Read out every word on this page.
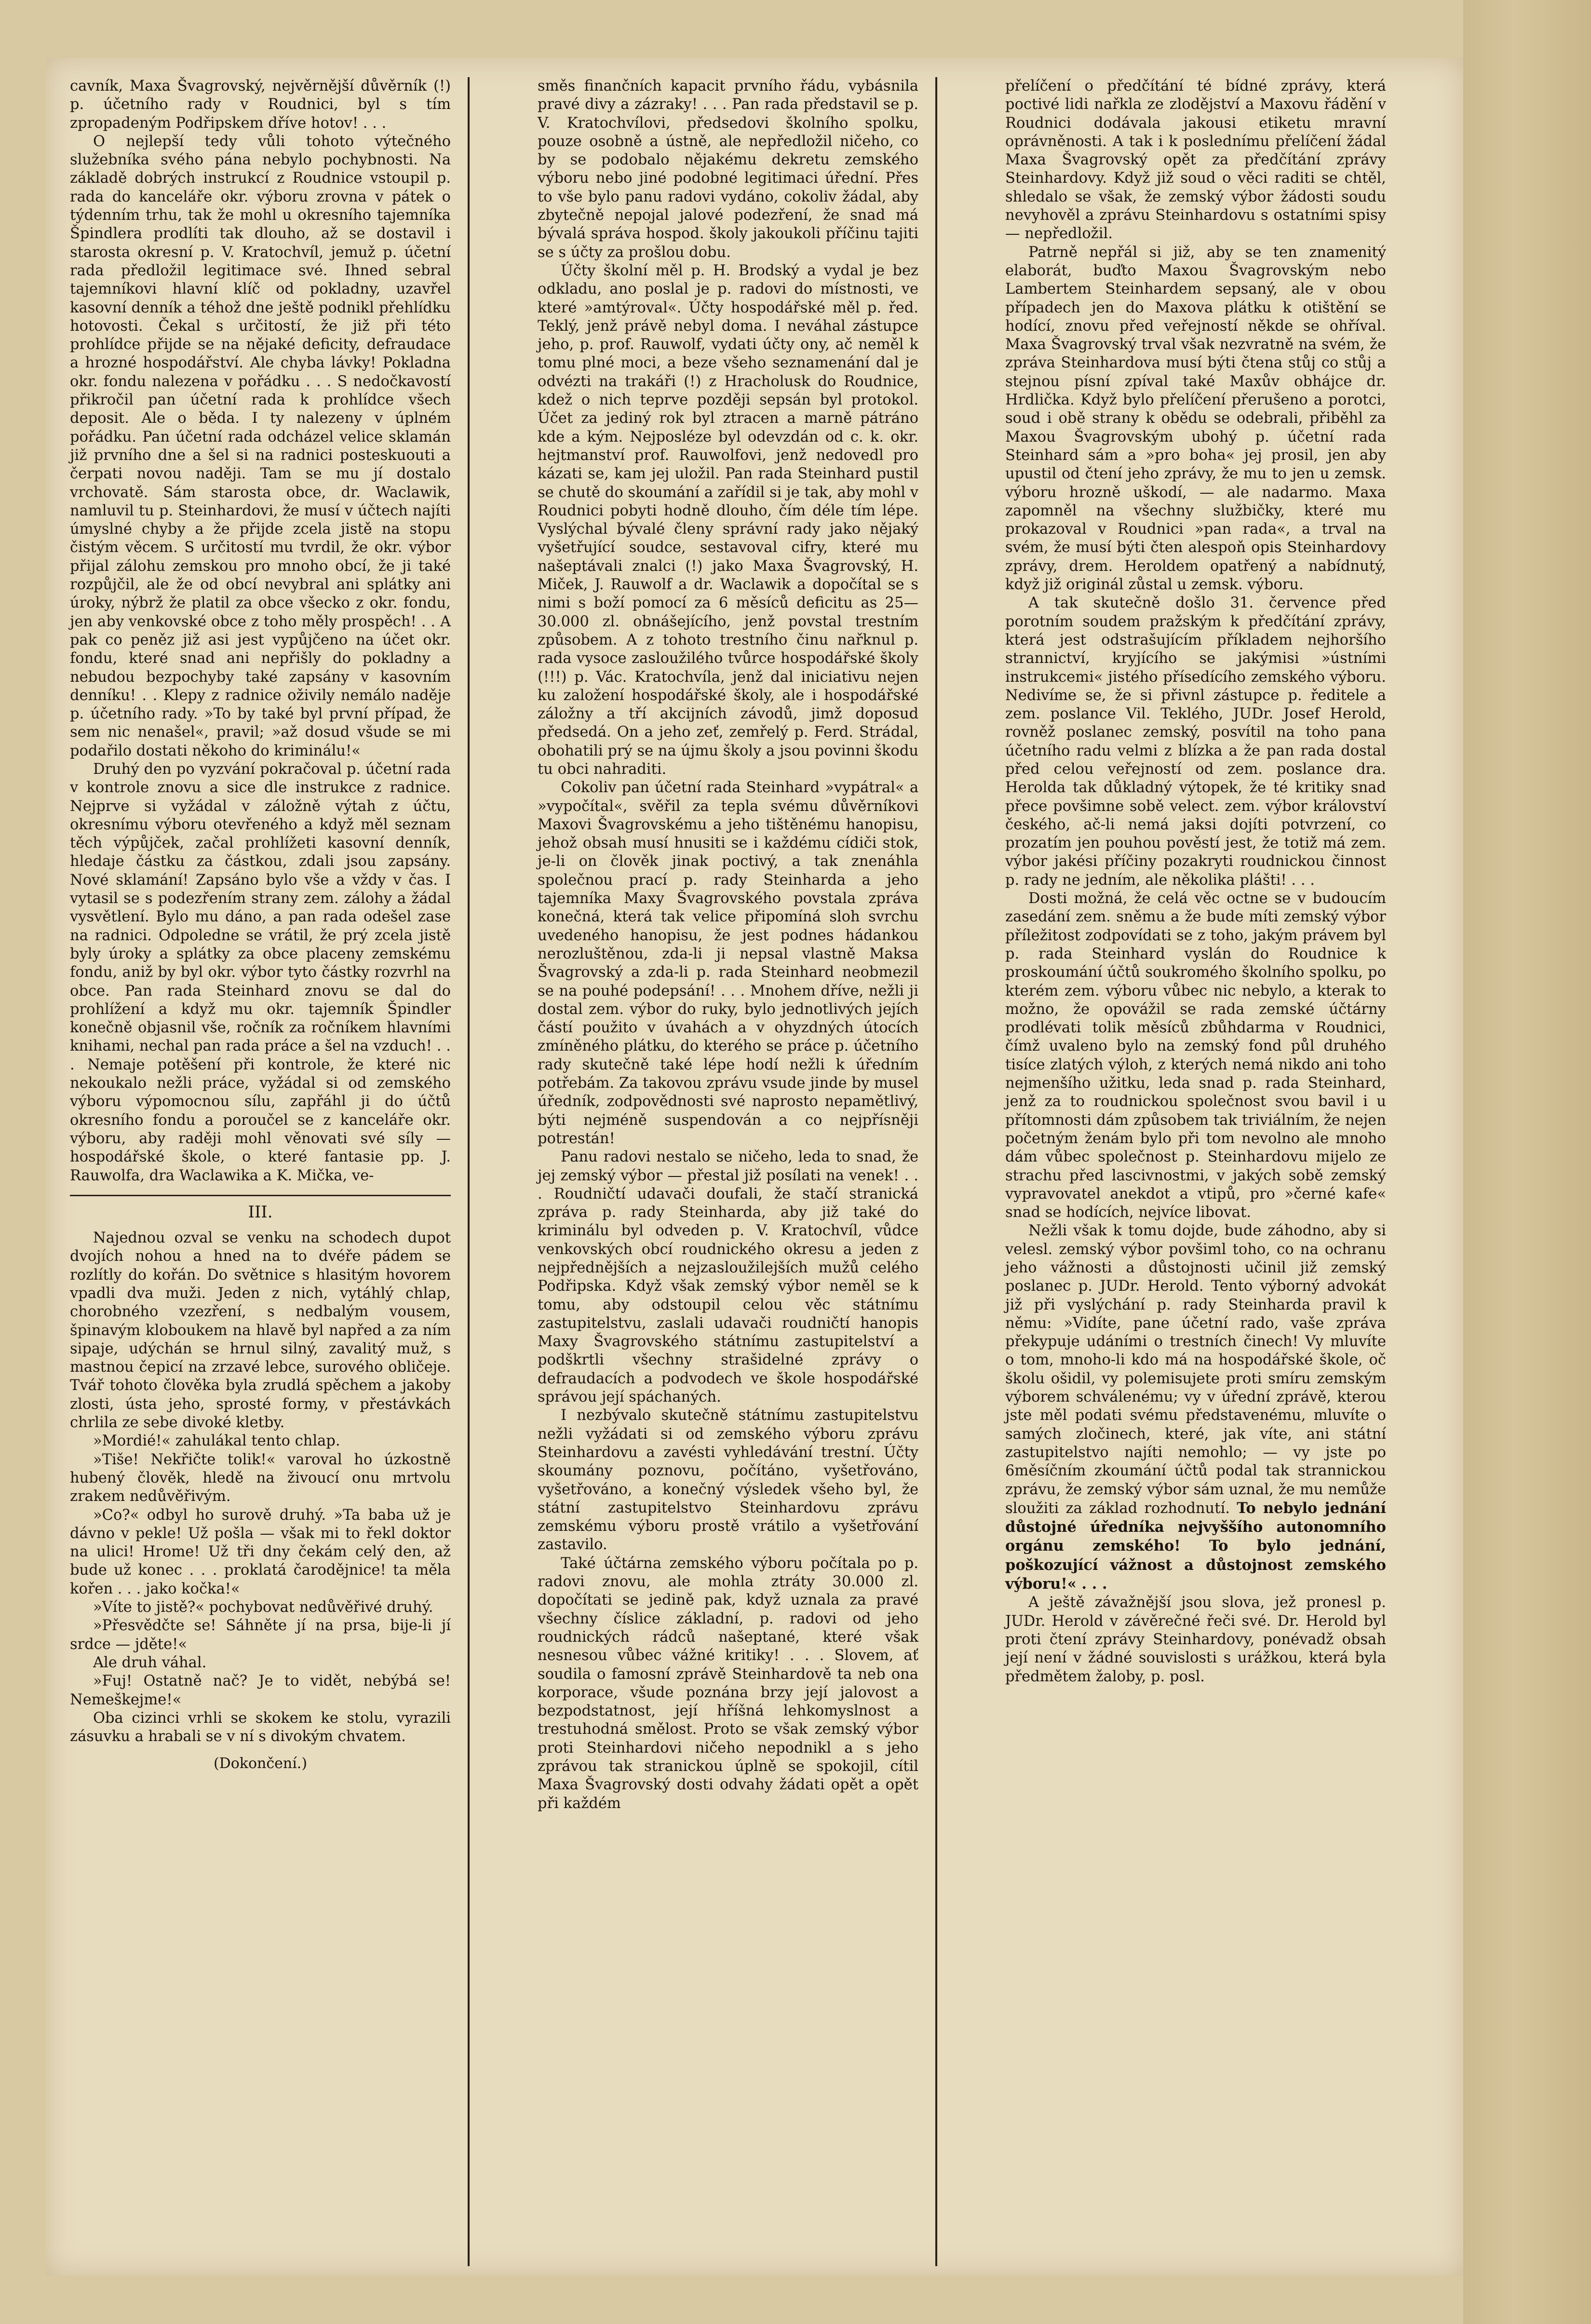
cavník, Maxa Švagrovský, nejvěrnější důvěrník (!) p. účetního rady v Roudnici, byl s tím zpropadeným Podřipskem dříve hotov! . . .

O nejlepší tedy vůli tohoto výtečného služebníka svého pána nebylo pochybnosti. Na základě dobrých instrukcí z Roudnice vstoupil p. rada do kanceláře okr. výboru zrovna v pátek o týdenním trhu, tak že mohl u okresního tajemníka Špindlera prodlíti tak dlouho, až se dostavil i starosta okresní p. V. Kratochvíl, jemuž p. účetní rada předložil legitimace své. Ihned sebral tajemníkovi hlavní klíč od pokladny, uzavřel kasovní denník a téhož dne ještě podnikl přehlídku hotovosti. Čekal s určitostí, že již při této prohlídce přijde se na nějaké deficity, defraudace a hrozné hospodářství. Ale chyba lávky! Pokladna okr. fondu nalezena v pořádku . . . S nedočkavostí přikročil pan účetní rada k prohlídce všech deposit. Ale o běda. I ty nalezeny v úplném pořádku. Pan účetní rada odcházel velice sklamán již prvního dne a šel si na radnici posteskuouti a čerpati novou naději. Tam se mu jí dostalo vrchovatě. Sám starosta obce, dr. Waclawik, namluvil tu p. Steinhardovi, že musí v účtech najíti úmyslné chyby a že přijde zcela jistě na stopu čistým věcem. S určitostí mu tvrdil, že okr. výbor přijal zálohu zemskou pro mnoho obcí, že ji také rozpůjčil, ale že od obcí nevybral ani splátky ani úroky, nýbrž že platil za obce všecko z okr. fondu, jen aby venkovské obce z toho měly prospěch! . . A pak co peněz již asi jest vypůjčeno na účet okr. fondu, které snad ani nepřišly do pokladny a nebudou bezpochyby také zapsány v kasovním denníku! . . Klepy z radnice oživily nemálo naděje p. účetního rady. »To by také byl první případ, že sem nic nenašel«, pravil; »až dosud všude se mi podařilo dostati někoho do kriminálu!«

Druhý den po vyzvání pokračoval p. účetní rada v kontrole znovu a sice dle instrukce z radnice. Nejprve si vyžádal v záložně výtah z účtu, okresnímu výboru otevřeného a když měl seznam těch výpůjček, začal prohlížeti kasovní denník, hledaje částku za částkou, zdali jsou zapsány. Nové sklamání! Zapsáno bylo vše a vždy v čas. I vytasil se s podezřením strany zem. zálohy a žádal vysvětlení. Bylo mu dáno, a pan rada odešel zase na radnici. Odpoledne se vrátil, že prý zcela jistě byly úroky a splátky za obce placeny zemskému fondu, aniž by byl okr. výbor tyto částky rozvrhl na obce. Pan rada Steinhard znovu se dal do prohlížení a když mu okr. tajemník Špindler konečně objasnil vše, ročník za ročníkem hlavními knihami, nechal pan rada práce a šel na vzduch! . . . Nemaje potěšení při kontrole, že které nic nekoukalo nežli práce, vyžádal si od zemského výboru výpomocnou sílu, zapřáhl ji do účtů okresního fondu a poroučel se z kanceláře okr. výboru, aby raději mohl věnovati své síly — hospodářské škole, o které fantasie pp. J. Rauwolfa, dra Waclawika a K. Mička, ve-

III.

Najednou ozval se venku na schodech dupot dvojích nohou a hned na to dvéře pádem se rozlítly do kořán. Do světnice s hlasitým hovorem vpadli dva muži. Jeden z nich, vytáhlý chlap, chorobného vzezření, s nedbalým vousem, špinavým kloboukem na hlavě byl napřed a za ním sipaje, udýchán se hrnul silný, zavalitý muž, s mastnou čepicí na zrzavé lebce, surového obličeje. Tvář tohoto člověka byla zrudlá spěchem a jakoby zlosti, ústa jeho, sprosté formy, v přestávkách chrlila ze sebe divoké kletby.

»Mordié!« zahulákal tento chlap.

»Tiše! Nekřičte tolik!« varoval ho úzkostně hubený člověk, hledě na živoucí onu mrtvolu zrakem nedůvěřivým.

»Co?« odbyl ho surově druhý. »Ta baba už je dávno v pekle! Už pošla — však mi to řekl doktor na ulici! Hrome! Už tři dny čekám celý den, až bude už konec . . . proklatá čarodějnice! ta měla kořen . . . jako kočka!«

»Víte to jistě?« pochybovat nedůvěřivé druhý.

»Přesvědčte se! Sáhněte jí na prsa, bije-li jí srdce — jděte!«

Ale druh váhal.

»Fuj! Ostatně nač? Je to vidět, nebýbá se! Nemeškejme!«

Oba cizinci vrhli se skokem ke stolu, vyrazili zásuvku a hrabali se v ní s divokým chvatem.

(Dokončení.)

směs finančních kapacit prvního řádu, vybásnila pravé divy a zázraky! . . . Pan rada představil se p. V. Kratochvílovi, předsedovi školního spolku, pouze osobně a ústně, ale nepředložil ničeho, co by se podobalo nějakému dekretu zemského výboru nebo jiné podobné legitimaci úřední. Přes to vše bylo panu radovi vydáno, cokoliv žádal, aby zbytečně nepojal jalové podezření, že snad má bývalá správa hospod. školy jakoukoli příčinu tajiti se s účty za prošlou dobu.

Účty školní měl p. H. Brodský a vydal je bez odkladu, ano poslal je p. radovi do místnosti, ve které »amtýroval«. Účty hospodářské měl p. řed. Teklý, jenž právě nebyl doma. I neváhal zástupce jeho, p. prof. Rauwolf, vydati účty ony, ač neměl k tomu plné moci, a beze všeho seznamenání dal je odvézti na trakáři (!) z Hracholusk do Roudnice, kdež o nich teprve později sepsán byl protokol. Účet za jediný rok byl ztracen a marně pátráno kde a kým. Nejposléze byl odevzdán od c. k. okr. hejtmanství prof. Rauwolfovi, jenž nedovedl pro kázati se, kam jej uložil. Pan rada Steinhard pustil se chutě do skoumání a zařídil si je tak, aby mohl v Roudnici pobyti hodně dlouho, čím déle tím lépe. Vyslýchal bývalé členy správní rady jako nějaký vyšetřující soudce, sestavoval cifry, které mu našeptávali znalci (!) jako Maxa Švagrovský, H. Miček, J. Rauwolf a dr. Waclawik a dopočítal se s nimi s boží pomocí za 6 měsíců deficitu as 25—30.000 zl. obnášejícího, jenž povstal trestním způsobem. A z tohoto trestního činu nařknul p. rada vysoce zasloužilého tvůrce hospodářské školy (!!!) p. Vác. Kratochvíla, jenž dal iniciativu nejen ku založení hospodářské školy, ale i hospodářské záložny a tří akcijních závodů, jimž doposud předsedá. On a jeho zeť, zemřelý p. Ferd. Strádal, obohatili prý se na újmu školy a jsou povinni škodu tu obci nahraditi.

Cokoliv pan účetní rada Steinhard »vypátral« a »vypočítal«, svěřil za tepla svému důvěrníkovi Maxovi Švagrovskému a jeho tištěnému hanopisu, jehož obsah musí hnusiti se i každému cídiči stok, je-li on člověk jinak poctivý, a tak znenáhla společnou prací p. rady Steinharda a jeho tajemníka Maxy Švagrovského povstala zpráva konečná, která tak velice připomíná sloh svrchu uvedeného hanopisu, že jest podnes hádankou nerozluštěnou, zda-li ji nepsal vlastně Maksa Švagrovský a zda-li p. rada Steinhard neobmezil se na pouhé podepsání! . . . Mnohem dříve, nežli ji dostal zem. výbor do ruky, bylo jednotlivých jejích částí použito v úvahách a v ohyzdných útocích zmíněného plátku, do kterého se práce p. účetního rady skutečně také lépe hodí nežli k úředním potřebám. Za takovou zprávu vsude jinde by musel úředník, zodpovědnosti své naprosto nepamětlivý, býti nejméně suspendován a co nejpřísněji potrestán!

Panu radovi nestalo se ničeho, leda to snad, že jej zemský výbor — přestal již posílati na venek! . . . Roudničtí udavači doufali, že stačí stranická zpráva p. rady Steinharda, aby již také do kriminálu byl odveden p. V. Kratochvíl, vůdce venkovských obcí roudnického okresu a jeden z nejpřednějších a nejzasloužilejších mužů celého Podřipska. Když však zemský výbor neměl se k tomu, aby odstoupil celou věc státnímu zastupitelstvu, zaslali udavači roudničtí hanopis Maxy Švagrovského státnímu zastupitelství a podškrtli všechny strašidelné zprávy o defraudacích a podvodech ve škole hospodářské správou její spáchaných.

I nezbývalo skutečně státnímu zastupitelstvu nežli vyžádati si od zemského výboru zprávu Steinhardovu a zavésti vyhledávání trestní. Účty skoumány poznovu, počítáno, vyšetřováno, vyšetřováno, a konečný výsledek všeho byl, že státní zastupitelstvo Steinhardovu zprávu zemskému výboru prostě vrátilo a vyšetřování zastavilo.

Také účtárna zemského výboru počítala po p. radovi znovu, ale mohla ztráty 30.000 zl. dopočítati se jedině pak, když uznala za pravé všechny číslice základní, p. radovi od jeho roudnických rádců našeptané, které však nesnesou vůbec vážné kritiky! . . . Slovem, ať soudila o famosní zprávě Steinhardově ta neb ona korporace, všude poznána brzy její jalovost a bezpodstatnost, její hříšná lehkomyslnost a trestuhodná smělost. Proto se však zemský výbor proti Steinhardovi ničeho nepodnikl a s jeho zprávou tak stranickou úplně se spokojil, cítil Maxa Švagrovský dosti odvahy žádati opět a opět při každém

přelíčení o předčítání té bídné zprávy, která poctivé lidi nařkla ze zlodějství a Maxovu řádění v Roudnici dodávala jakousi etiketu mravní oprávněnosti. A tak i k poslednímu přelíčení žádal Maxa Švagrovský opět za předčítání zprávy Steinhardovy. Když již soud o věci raditi se chtěl, shledalo se však, že zemský výbor žádosti soudu nevyhověl a zprávu Steinhardovu s ostatními spisy — nepředložil.

Patrně nepřál si již, aby se ten znamenitý elaborát, buďto Maxou Švagrovským nebo Lambertem Steinhardem sepsaný, ale v obou případech jen do Maxova plátku k otištění se hodící, znovu před veřejností někde se ohříval. Maxa Švagrovský trval však nezvratně na svém, že zpráva Steinhardova musí býti čtena stůj co stůj a stejnou písní zpíval také Maxův obhájce dr. Hrdlička. Když bylo přelíčení přerušeno a porotci, soud i obě strany k obědu se odebrali, přiběhl za Maxou Švagrovským ubohý p. účetní rada Steinhard sám a »pro boha« jej prosil, jen aby upustil od čtení jeho zprávy, že mu to jen u zemsk. výboru hrozně uškodí, — ale nadarmo. Maxa zapomněl na všechny službičky, které mu prokazoval v Roudnici »pan rada«, a trval na svém, že musí býti čten alespoň opis Steinhardovy zprávy, drem. Heroldem opatřený a nabídnutý, když již originál zůstal u zemsk. výboru.

A tak skutečně došlo 31. července před porotním soudem pražským k předčítání zprávy, která jest odstrašujícím příkladem nejhoršího strannictví, kryjícího se jakýmisi »ústními instrukcemi« jistého přísedícího zemského výboru. Nedivíme se, že si přivnl zástupce p. ředitele a zem. poslance Vil. Teklého, JUDr. Josef Herold, rovněž poslanec zemský, posvítil na toho pana účetního radu velmi z blízka a že pan rada dostal před celou veřejností od zem. poslance dra. Herolda tak důkladný výtopek, že té kritiky snad přece povšimne sobě velect. zem. výbor království českého, ač-li nemá jaksi dojíti potvrzení, co prozatím jen pouhou pověstí jest, že totiž má zem. výbor jakési příčiny pozakryti roudnickou činnost p. rady ne jedním, ale několika plášti! . . .

Dosti možná, že celá věc octne se v budoucím zasedání zem. sněmu a že bude míti zemský výbor příležitost zodpovídati se z toho, jakým právem byl p. rada Steinhard vyslán do Roudnice k proskoumání účtů soukromého školního spolku, po kterém zem. výboru vůbec nic nebylo, a kterak to možno, že opovážil se rada zemské účtárny prodlévati tolik měsíců zbůhdarma v Roudnici, čímž uvaleno bylo na zemský fond půl druhého tisíce zlatých výloh, z kterých nemá nikdo ani toho nejmenšího užitku, leda snad p. rada Steinhard, jenž za to roudnickou společnost svou bavil i u přítomnosti dám způsobem tak triviálním, že nejen početným ženám bylo při tom nevolno ale mnoho dám vůbec společnost p. Steinhardovu mijelo ze strachu před lascivnostmi, v jakých sobě zemský vypravovatel anekdot a vtipů, pro »černé kafe« snad se hodících, nejvíce libovat.

Nežli však k tomu dojde, bude záhodno, aby si velesl. zemský výbor povšiml toho, co na ochranu jeho vážnosti a důstojnosti učinil již zemský poslanec p. JUDr. Herold. Tento výborný advokát již při vyslýchání p. rady Steinharda pravil k němu: »Vidíte, pane účetní rado, vaše zpráva překypuje udáními o trestních činech! Vy mluvíte o tom, mnoho-li kdo má na hospodářské škole, oč školu ošidil, vy polemisujete proti smíru zemským výborem schválenému; vy v úřední zprávě, kterou jste měl podati svému představenému, mluvíte o samých zločinech, které, jak víte, ani státní zastupitelstvo najíti nemohlo; — vy jste po 6měsíčním zkoumání účtů podal tak strannickou zprávu, že zemský výbor sám uznal, že mu nemůže sloužiti za základ rozhodnutí. To nebylo jednání důstojné úředníka nejvyššího autonomního orgánu zemského! To bylo jednání, poškozující vážnost a důstojnost zemského výboru!« . . .

A ještě závažnější jsou slova, jež pronesl p. JUDr. Herold v závěrečné řeči své. Dr. Herold byl proti čtení zprávy Steinhardovy, ponévadž obsah její není v žádné souvislosti s urážkou, která byla předmětem žaloby, p. posl.
